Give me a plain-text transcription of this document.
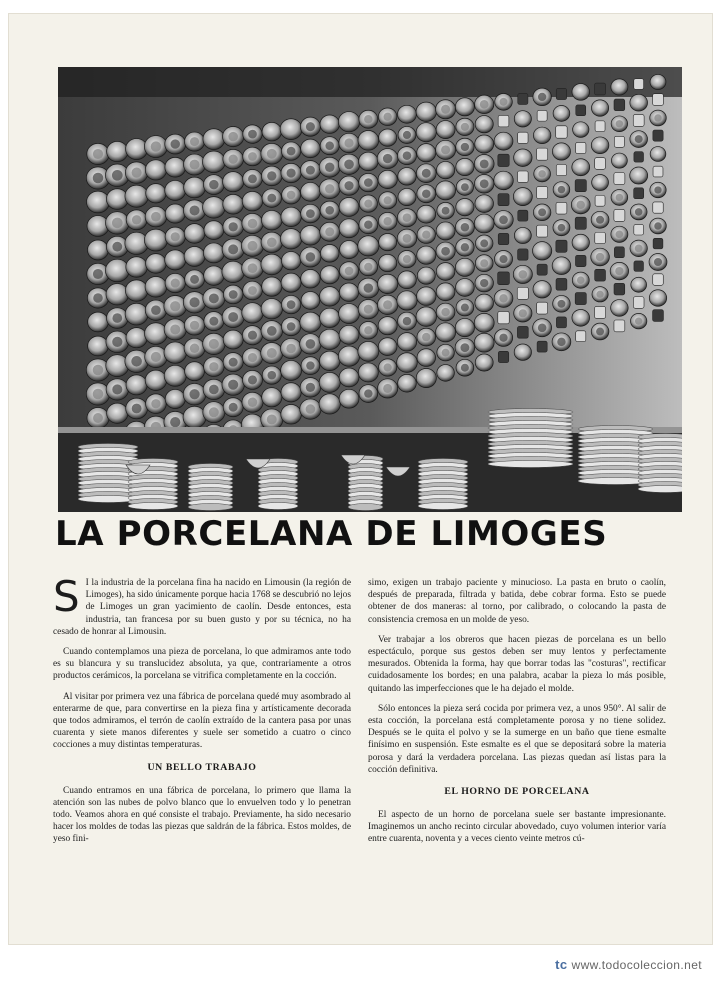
LA PORCELANA DE LIMOGES

S I la industria de la porcelana fina ha nacido en Limousin (la región de Limoges), ha sido únicamente porque hacia 1768 se descubrió no lejos de Limoges un gran yacimiento de caolín. Desde entonces, esta industria, tan francesa por su buen gusto y por su técnica, no ha cesado de honrar al Limousin.

Cuando contemplamos una pieza de porcelana, lo que admiramos ante todo es su blancura y su translucidez absoluta, ya que, contrariamente a otros productos cerámicos, la porcelana se vitrifica completamente en la cocción.

Al visitar por primera vez una fábrica de porcelana quedé muy asombrado al enterarme de que, para convertirse en la pieza fina y artísticamente decorada que todos admiramos, el terrón de caolín extraído de la cantera pasa por unas cuarenta y siete manos diferentes y suele ser sometido a cuatro o cinco cocciones a muy distintas temperaturas.

UN BELLO TRABAJO

Cuando entramos en una fábrica de porcelana, lo primero que llama la atención son las nubes de polvo blanco que lo envuelven todo y lo penetran todo. Veamos ahora en qué consiste el trabajo. Previamente, ha sido necesario hacer los moldes de todas las piezas que saldrán de la fábrica. Estos moldes, de yeso fini-

simo, exigen un trabajo paciente y minucioso. La pasta en bruto o caolín, después de preparada, filtrada y batida, debe cobrar forma. Esto se puede obtener de dos maneras: al torno, por calibrado, o colocando la pasta de consistencia cremosa en un molde de yeso.

Ver trabajar a los obreros que hacen piezas de porcelana es un bello espectáculo, porque sus gestos deben ser muy lentos y perfectamente mesurados. Obtenida la forma, hay que borrar todas las "costuras", rectificar cuidadosamente los bordes; en una palabra, acabar la pieza lo más posible, quitando las imperfecciones que le ha dejado el molde.

Sólo entonces la pieza será cocida por primera vez, a unos 950°. Al salir de esta cocción, la porcelana está completamente porosa y no tiene solidez. Después se le quita el polvo y se la sumerge en un baño que tiene esmalte finísimo en suspensión. Este esmalte es el que se depositará sobre la materia porosa y dará la verdadera porcelana. Las piezas quedan así listas para la cocción definitiva.

EL HORNO DE PORCELANA

El aspecto de un horno de porcelana suele ser bastante impresionante. Imaginemos un ancho recinto circular abovedado, cuyo volumen interior varía entre cuarenta, noventa y a veces ciento veinte metros cú-

tc www.todocoleccion.net
